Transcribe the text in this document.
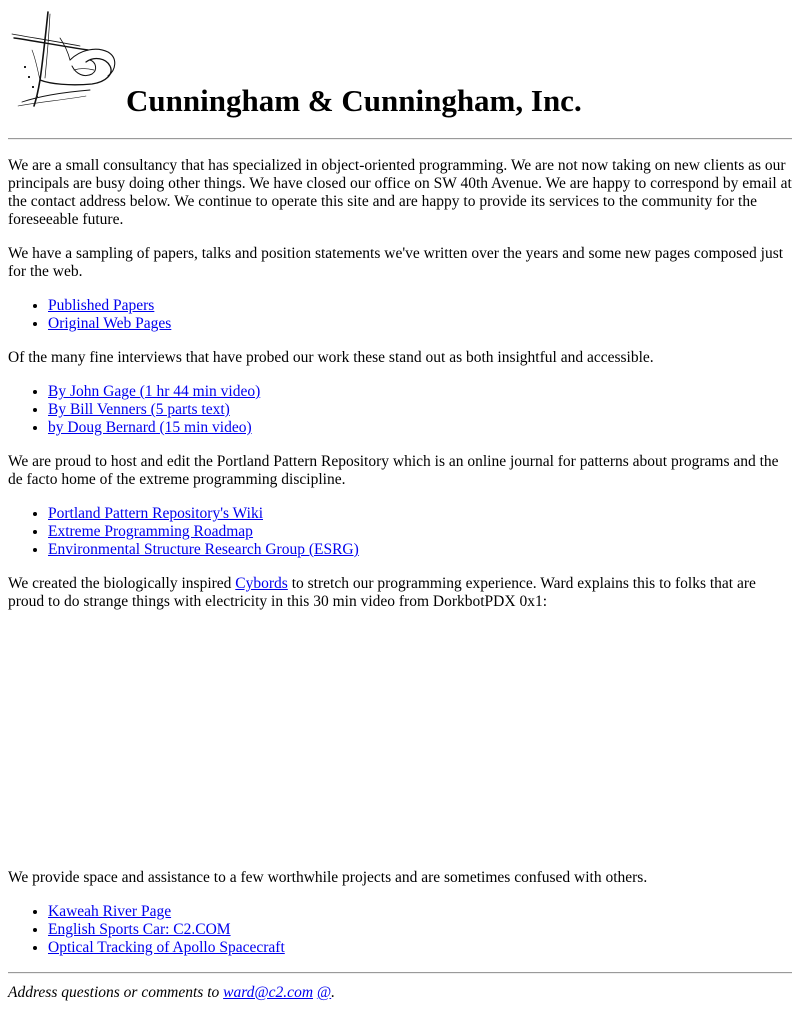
Cunningham & Cunningham, Inc.

We are a small consultancy that has specialized in object-oriented programming. We are not now taking on new clients as our principals are busy doing other things. We have closed our office on SW 40th Avenue. We are happy to correspond by email at the contact address below. We continue to operate this site and are happy to provide its services to the community for the foreseeable future.

We have a sampling of papers, talks and position statements we've written over the years and some new pages composed just for the web.

• Published Papers
• Original Web Pages

Of the many fine interviews that have probed our work these stand out as both insightful and accessible.

• By John Gage (1 hr 44 min video)
• By Bill Venners (5 parts text)
• by Doug Bernard (15 min video)

We are proud to host and edit the Portland Pattern Repository which is an online journal for patterns about programs and the de facto home of the extreme programming discipline.

• Portland Pattern Repository's Wiki
• Extreme Programming Roadmap
• Environmental Structure Research Group (ESRG)

We created the biologically inspired Cybords to stretch our programming experience. Ward explains this to folks that are proud to do strange things with electricity in this 30 min video from DorkbotPDX 0x1:

We provide space and assistance to a few worthwhile projects and are sometimes confused with others.

• Kaweah River Page
• English Sports Car: C2.COM
• Optical Tracking of Apollo Spacecraft

Address questions or comments to ward@c2.com @.
